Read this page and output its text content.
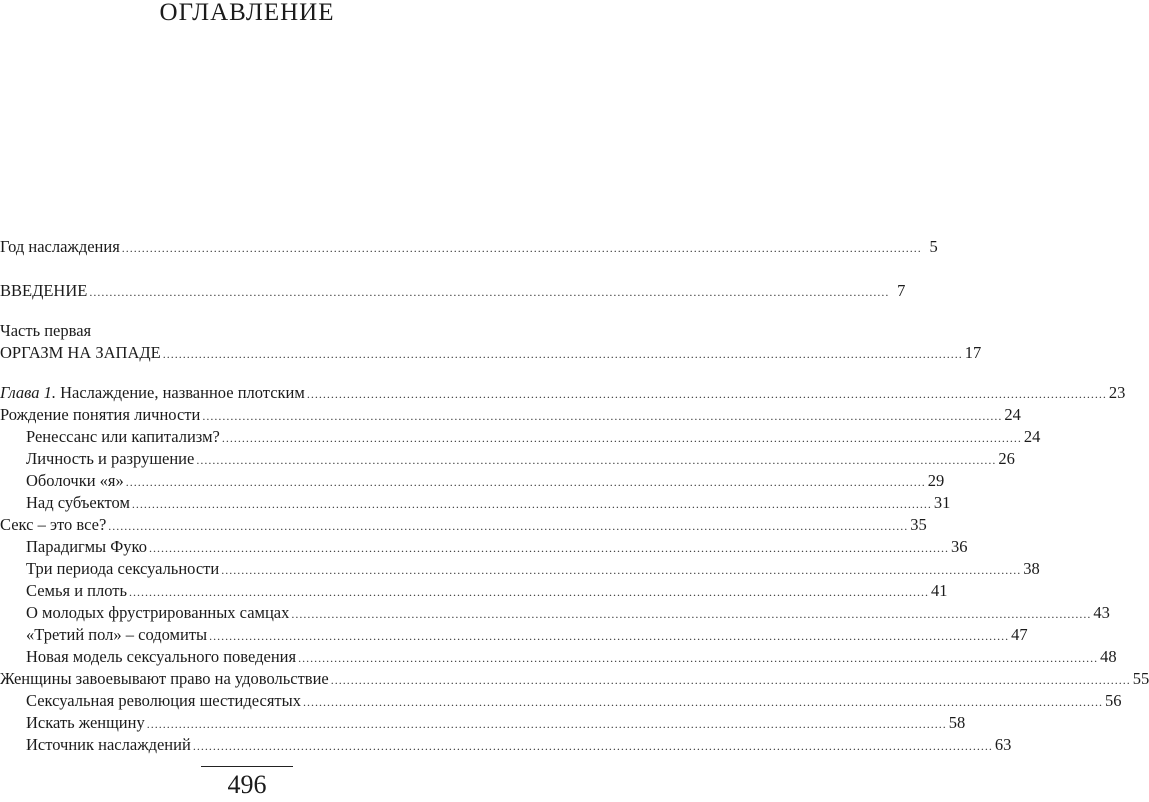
ОГЛАВЛЕНИЕ
Год наслаждения ........................................................................................................................................................................................................ 5
ВВЕДЕНИЕ ........................................................................................................................................................................................................ 7
Часть первая
ОРГАЗМ НА ЗАПАДЕ ........................................................................................................................................................................................................ 17
Глава 1. Наслаждение, названное плотским ........................................................................................................................................................................................................ 23
Рождение понятия личности ........................................................................................................................................................................................................ 24
Ренессанс или капитализм? ........................................................................................................................................................................................................ 24
Личность и разрушение ........................................................................................................................................................................................................ 26
Оболочки «я» ........................................................................................................................................................................................................ 29
Над субъектом ........................................................................................................................................................................................................ 31
Секс – это все? ........................................................................................................................................................................................................ 35
Парадигмы Фуко ........................................................................................................................................................................................................ 36
Три периода сексуальности ........................................................................................................................................................................................................ 38
Семья и плоть ........................................................................................................................................................................................................ 41
О молодых фрустрированных самцах ........................................................................................................................................................................................................ 43
«Третий пол» – содомиты ........................................................................................................................................................................................................ 47
Новая модель сексуального поведения ........................................................................................................................................................................................................ 48
Женщины завоевывают право на удовольствие ........................................................................................................................................................................................................ 55
Сексуальная революция шестидесятых ........................................................................................................................................................................................................ 56
Искать женщину ........................................................................................................................................................................................................ 58
Источник наслаждений ........................................................................................................................................................................................................ 63
496
